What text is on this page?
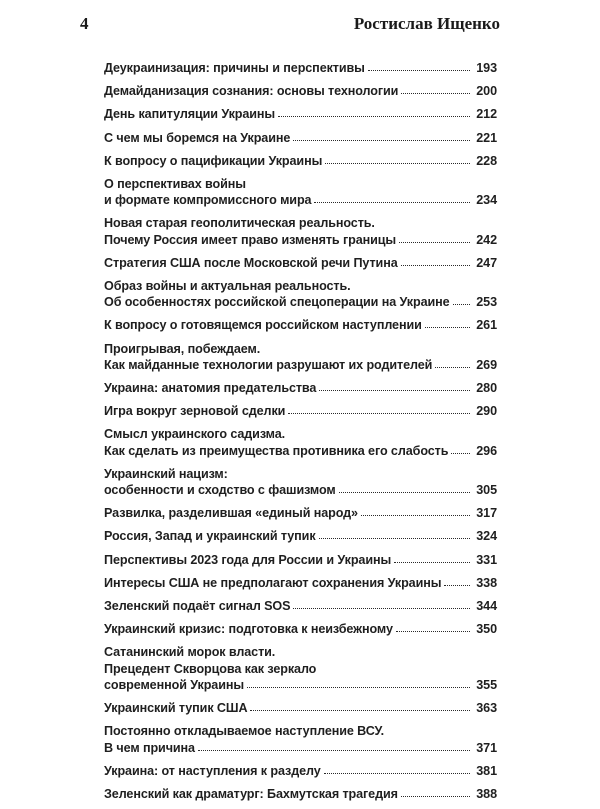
4	Ростислав Ищенко
Деукраинизация: причины и перспективы	193
Демайданизация сознания: основы технологии	200
День капитуляции Украины	212
С чем мы боремся на Украине	221
К вопросу о пацификации Украины	228
О перспективах войны
и формате компромиссного мира	234
Новая старая геополитическая реальность.
Почему Россия имеет право изменять границы	242
Стратегия США после Московской речи Путина	247
Образ войны и актуальная реальность.
Об особенностях российской спецоперации на Украине 253
К вопросу о готовящемся российском наступлении	261
Проигрывая, побеждаем.
Как майданные технологии разрушают их родителей	269
Украина: анатомия предательства	280
Игра вокруг зерновой сделки	290
Смысл украинского садизма.
Как сделать из преимущества противника его слабость 296
Украинский нацизм:
особенности и сходство с фашизмом	305
Развилка, разделившая «единый народ»	317
Россия, Запад и украинский тупик	324
Перспективы 2023 года для России и Украины	331
Интересы США не предполагают сохранения Украины	338
Зеленский подаёт сигнал SOS	344
Украинский кризис: подготовка к неизбежному	350
Сатанинский морок власти.
Прецедент Скворцова как зеркало
современной Украины	355
Украинский тупик США	363
Постоянно откладываемое наступление ВСУ.
В чем причина	371
Украина: от наступления к разделу	381
Зеленский как драматург: Бахмутская трагедия	388
